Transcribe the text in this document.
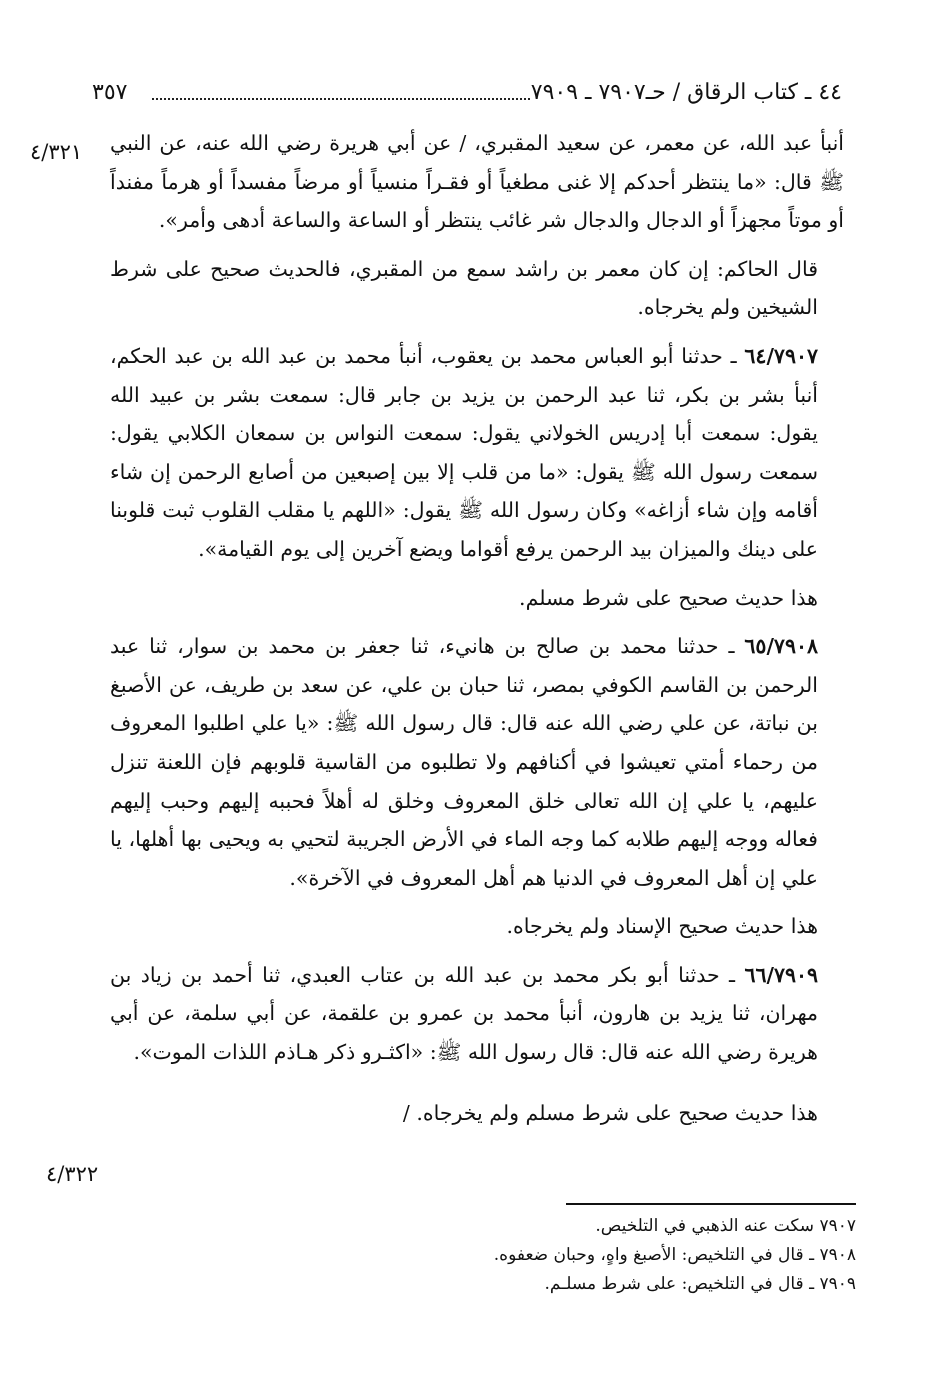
٤٤ ـ كتاب الرقاق / حـ٧٩٠٧ ـ ٧٩٠٩
٣٥٧
٤/٣٢١
٤/٣٢٢

أنبأ عبد الله، عن معمر، عن سعيد المقبري، / عن أبي هريرة رضي الله عنه، عن النبي ﷺ قال: «ما ينتظر أحدكم إلا غنى مطغياً أو فقـراً منسياً أو مرضاً مفسداً أو هرماً مفنداً أو موتاً مجهزاً أو الدجال والدجال شر غائب ينتظر أو الساعة والساعة أدهى وأمر».

قال الحاكم: إن كان معمر بن راشد سمع من المقبري، فالحديث صحيح على شرط الشيخين ولم يخرجاه.

٦٤/٧٩٠٧ ـ حدثنا أبو العباس محمد بن يعقوب، أنبأ محمد بن عبد الله بن عبد الحكم، أنبأ بشر بن بكر، ثنا عبد الرحمن بن يزيد بن جابر قال: سمعت بشر بن عبيد الله يقول: سمعت أبا إدريس الخولاني يقول: سمعت النواس بن سمعان الكلابي يقول: سمعت رسول الله ﷺ يقول: «ما من قلب إلا بين إصبعين من أصابع الرحمن إن شاء أقامه وإن شاء أزاغه» وكان رسول الله ﷺ يقول: «اللهم يا مقلب القلوب ثبت قلوبنا على دينك والميزان بيد الرحمن يرفع أقواما ويضع آخرين إلى يوم القيامة».

هذا حديث صحيح على شرط مسلم.

٦٥/٧٩٠٨ ـ حدثنا محمد بن صالح بن هانيء، ثنا جعفر بن محمد بن سوار، ثنا عبد الرحمن بن القاسم الكوفي بمصر، ثنا حبان بن علي، عن سعد بن طريف، عن الأصبغ بن نباتة، عن علي رضي الله عنه قال: قال رسول الله ﷺ: «يا علي اطلبوا المعروف من رحماء أمتي تعيشوا في أكنافهم ولا تطلبوه من القاسية قلوبهم فإن اللعنة تنزل عليهم، يا علي إن الله تعالى خلق المعروف وخلق له أهلاً فحببه إليهم وحبب إليهم فعاله ووجه إليهم طلابه كما وجه الماء في الأرض الجريبة لتحيي به ويحيى بها أهلها، يا علي إن أهل المعروف في الدنيا هم أهل المعروف في الآخرة».

هذا حديث صحيح الإسناد ولم يخرجاه.

٦٦/٧٩٠٩ ـ حدثنا أبو بكر محمد بن عبد الله بن عتاب العبدي، ثنا أحمد بن زياد بن مهران، ثنا يزيد بن هارون، أنبأ محمد بن عمرو بن علقمة، عن أبي سلمة، عن أبي هريرة رضي الله عنه قال: قال رسول الله ﷺ: «اكثـرو ذكر هـاذم اللذات الموت».

هذا حديث صحيح على شرط مسلم ولم يخرجاه. /

٧٩٠٧ سكت عنه الذهبي في التلخيص.
٧٩٠٨ ـ قال في التلخيص: الأصبغ واهٍ، وحبان ضعفوه.
٧٩٠٩ ـ قال في التلخيص: على شرط مسلـم.
